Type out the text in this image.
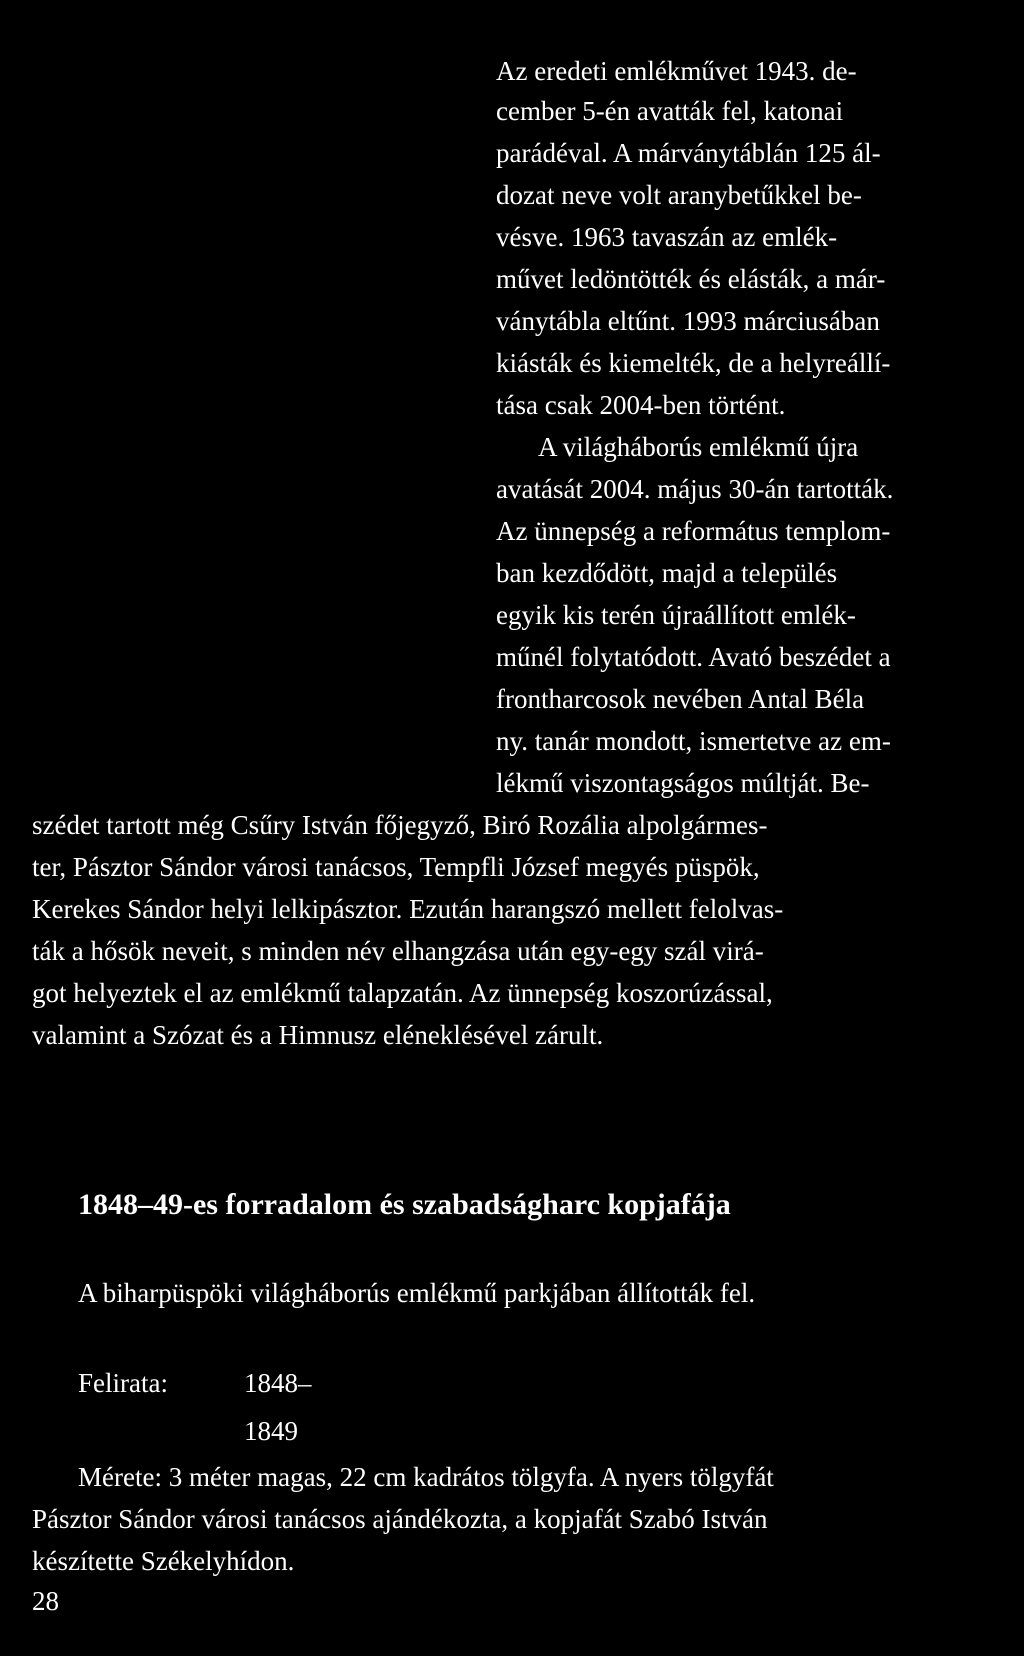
Az eredeti emlékművet 1943. de-
cember 5-én avatták fel, katonai
parádéval. A márványtáblán 125 ál-
dozat neve volt aranybetűkkel be-
vésve. 1963 tavaszán az emlék-
művet ledöntötték és elásták, a már-
ványtábla eltűnt. 1993 márciusában
kiásták és kiemelték, de a helyreállí-
tása csak 2004-ben történt.
A világháborús emlékmű újra
avatását 2004. május 30-án tartották.
Az ünnepség a református templom-
ban kezdődött, majd a település
egyik kis terén újraállított emlék-
műnél folytatódott. Avató beszédet a
frontharcosok nevében Antal Béla
ny. tanár mondott, ismertetve az em-
lékmű viszontagságos múltját. Be-
szédet tartott még Csűry István főjegyző, Biró Rozália alpolgármes-
ter, Pásztor Sándor városi tanácsos, Tempfli József megyés püspök,
Kerekes Sándor helyi lelkipásztor. Ezután harangszó mellett felolvas-
ták a hősök neveit, s minden név elhangzása után egy-egy szál virá-
got helyeztek el az emlékmű talapzatán. Az ünnepség koszorúzással,
valamint a Szózat és a Himnusz eléneklésével zárult.
1848–49-es forradalom és szabadságharc kopjafája
A biharpüspöki világháborús emlékmű parkjában állították fel.
Felirata:	1848–
1849
Mérete: 3 méter magas, 22 cm kadrátos tölgyfa. A nyers tölgyfát
Pásztor Sándor városi tanácsos ajándékozta, a kopjafát Szabó István
készítette Székelyhídon.
28
